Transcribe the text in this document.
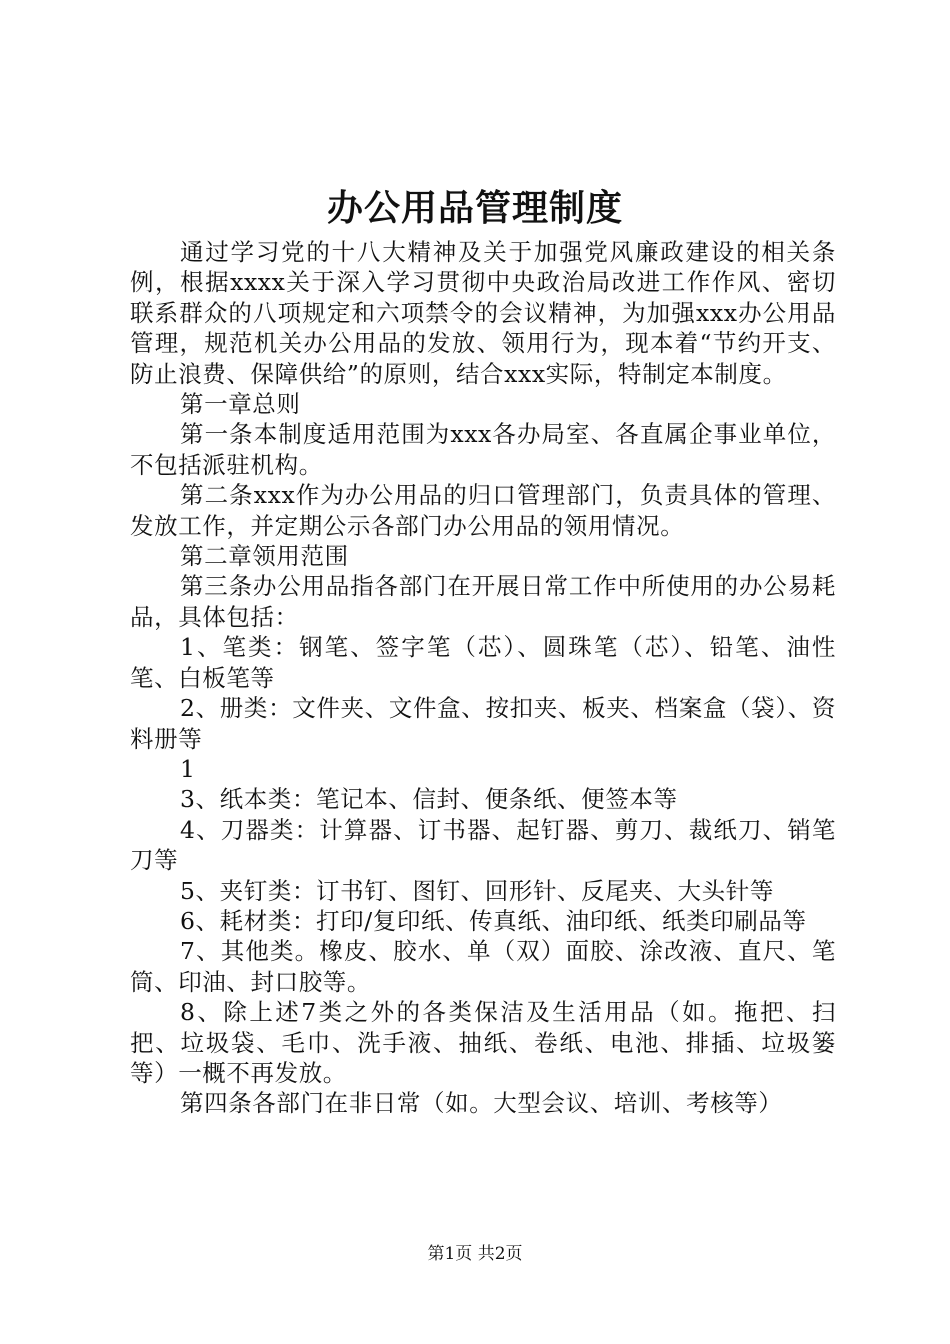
办公用品管理制度

通过学习党的十八大精神及关于加强党风廉政建设的相关条例，根据xxxx关于深入学习贯彻中央政治局改进工作作风、密切联系群众的八项规定和六项禁令的会议精神，为加强xxx办公用品管理，规范机关办公用品的发放、领用行为，现本着“节约开支、防止浪费、保障供给”的原则，结合xxx实际，特制定本制度。

第一章总则

第一条本制度适用范围为xxx各办局室、各直属企事业单位，不包括派驻机构。

第二条xxx作为办公用品的归口管理部门，负责具体的管理、发放工作，并定期公示各部门办公用品的领用情况。

第二章领用范围

第三条办公用品指各部门在开展日常工作中所使用的办公易耗品，具体包括：

1、笔类：钢笔、签字笔（芯）、圆珠笔（芯）、铅笔、油性笔、白板笔等

2、册类：文件夹、文件盒、按扣夹、板夹、档案盒（袋）、资料册等

1

3、纸本类：笔记本、信封、便条纸、便签本等

4、刀器类：计算器、订书器、起钉器、剪刀、裁纸刀、销笔刀等

5、夹钉类：订书钉、图钉、回形针、反尾夹、大头针等

6、耗材类：打印/复印纸、传真纸、油印纸、纸类印刷品等

7、其他类。橡皮、胶水、单（双）面胶、涂改液、直尺、笔筒、印油、封口胶等。

8、除上述7类之外的各类保洁及生活用品（如。拖把、扫把、垃圾袋、毛巾、洗手液、抽纸、卷纸、电池、排插、垃圾篓等）一概不再发放。

第四条各部门在非日常（如。大型会议、培训、考核等）

第1页 共2页
